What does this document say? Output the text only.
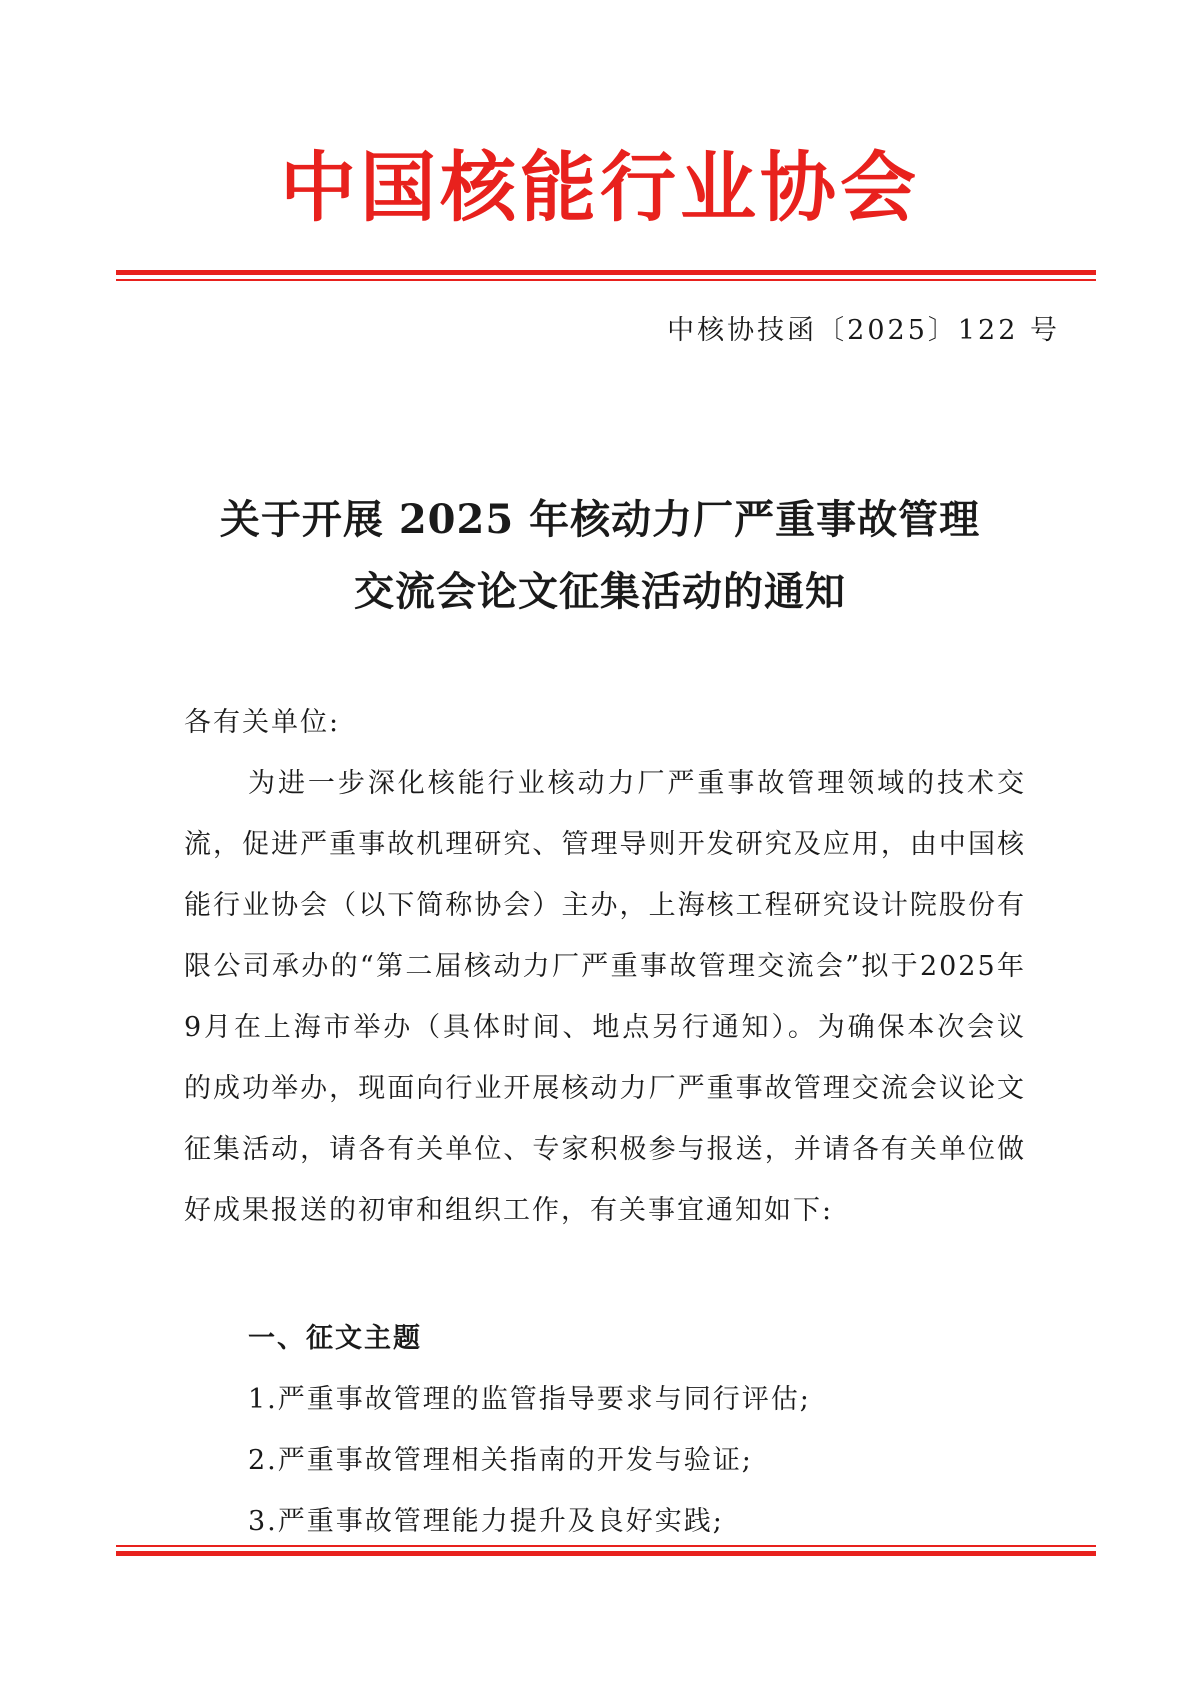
中国核能行业协会
中核协技函〔2025〕122 号
关于开展 2025 年核动力厂严重事故管理
交流会论文征集活动的通知
各有关单位:
为进一步深化核能行业核动力厂严重事故管理领域的技术交流，促进严重事故机理研究、管理导则开发研究及应用，由中国核能行业协会（以下简称协会）主办，上海核工程研究设计院股份有限公司承办的“第二届核动力厂严重事故管理交流会”拟于2025年9月在上海市举办（具体时间、地点另行通知）。为确保本次会议的成功举办，现面向行业开展核动力厂严重事故管理交流会议论文征集活动，请各有关单位、专家积极参与报送，并请各有关单位做好成果报送的初审和组织工作，有关事宜通知如下:
一、征文主题
1.严重事故管理的监管指导要求与同行评估;
2.严重事故管理相关指南的开发与验证;
3.严重事故管理能力提升及良好实践;
